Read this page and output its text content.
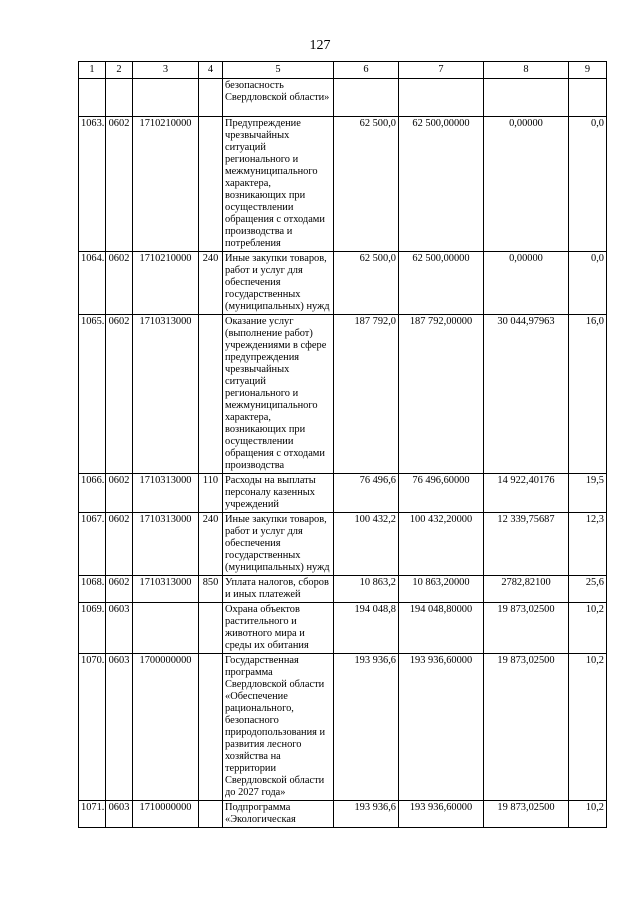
127
1	2	3	4	5	6	7	8	9
				безопасность Свердловской области»				
1063.	0602	1710210000		Предупреждение чрезвычайных ситуаций регионального и межмуниципального характера, возникающих при осуществлении обращения с отходами производства и потребления	62 500,0	62 500,00000	0,00000	0,0
1064.	0602	1710210000	240	Иные закупки товаров, работ и услуг для обеспечения государственных (муниципальных) нужд	62 500,0	62 500,00000	0,00000	0,0
1065.	0602	1710313000		Оказание услуг (выполнение работ) учреждениями в сфере предупреждения чрезвычайных ситуаций регионального и межмуниципального характера, возникающих при осуществлении обращения с отходами производства	187 792,0	187 792,00000	30 044,97963	16,0
1066.	0602	1710313000	110	Расходы на выплаты персоналу казенных учреждений	76 496,6	76 496,60000	14 922,40176	19,5
1067.	0602	1710313000	240	Иные закупки товаров, работ и услуг для обеспечения государственных (муниципальных) нужд	100 432,2	100 432,20000	12 339,75687	12,3
1068.	0602	1710313000	850	Уплата налогов, сборов и иных платежей	10 863,2	10 863,20000	2782,82100	25,6
1069.	0603			Охрана объектов растительного и животного мира и среды их обитания	194 048,8	194 048,80000	19 873,02500	10,2
1070.	0603	1700000000		Государственная программа Свердловской области «Обеспечение рационального, безопасного природопользования и развития лесного хозяйства на территории Свердловской области до 2027 года»	193 936,6	193 936,60000	19 873,02500	10,2
1071.	0603	1710000000		Подпрограмма «Экологическая	193 936,6	193 936,60000	19 873,02500	10,2
